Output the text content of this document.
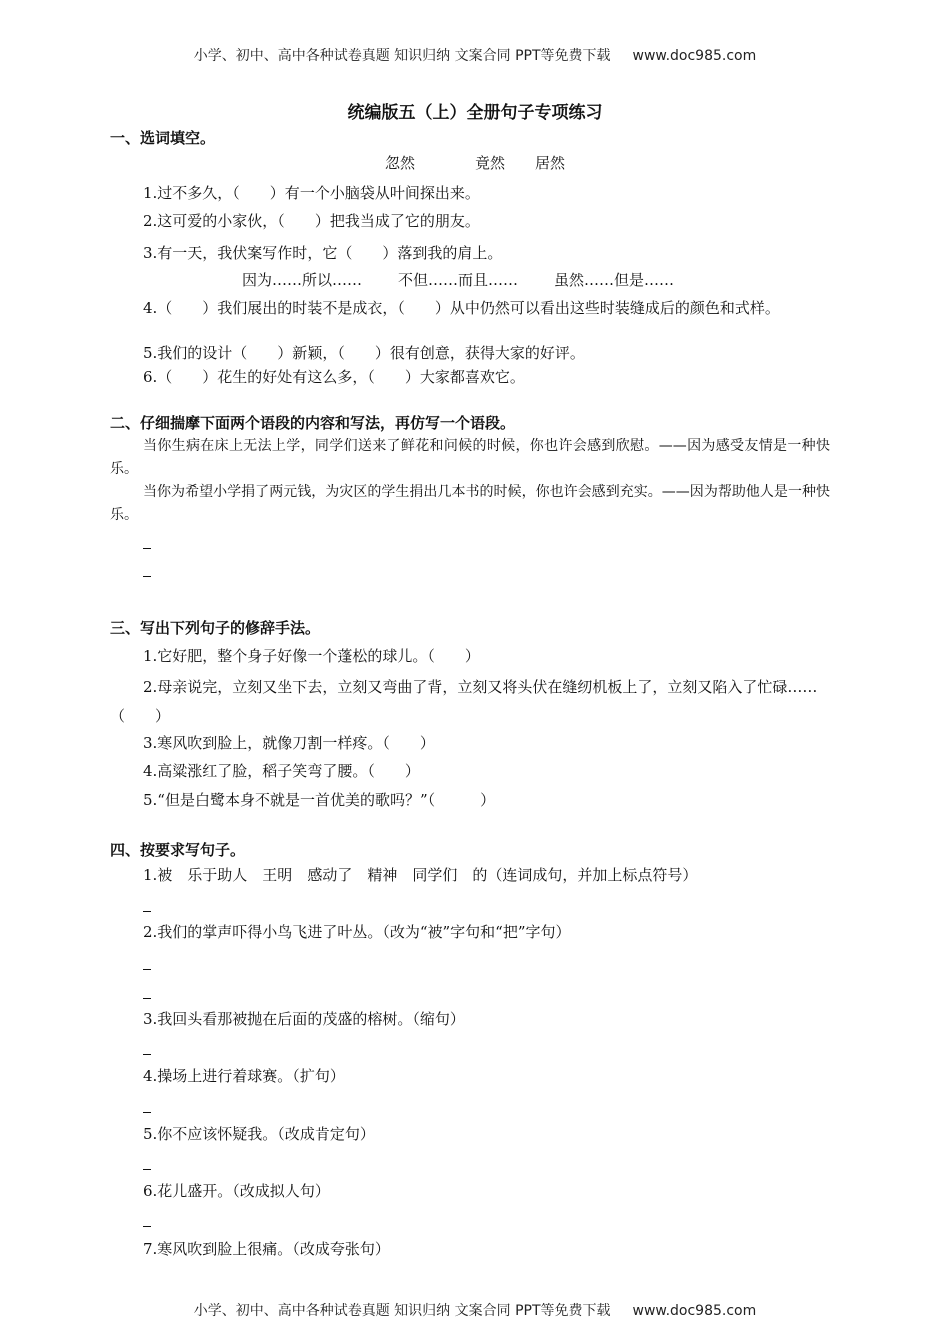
小学、初中、高中各种试卷真题 知识归纳 文案合同 PPT等免费下载 www.doc985.com
统编版五（上）全册句子专项练习
一、选词填空。
忽然	竟然 居然
1.过不多久，（　　）有一个小脑袋从叶间探出来。
2.这可爱的小家伙，（　　）把我当成了它的朋友。
3.有一天，我伏案写作时，它（　　）落到我的肩上。
因为……所以…… 不但……而且…… 虽然……但是……
4.（　　）我们展出的时装不是成衣，（　　）从中仍然可以看出这些时装缝成后的颜色和式样。
5.我们的设计（　　）新颖，（　　）很有创意，获得大家的好评。
6.（　　）花生的好处有这么多，（　　）大家都喜欢它。
二、仔细揣摩下面两个语段的内容和写法，再仿写一个语段。
当你生病在床上无法上学，同学们送来了鲜花和问候的时候，你也许会感到欣慰。——因为感受友情是一种快乐。
当你为希望小学捐了两元钱，为灾区的学生捐出几本书的时候，你也许会感到充实。——因为帮助他人是一种快乐。
三、写出下列句子的修辞手法。
1.它好肥，整个身子好像一个蓬松的球儿。（　　）
2.母亲说完，立刻又坐下去，立刻又弯曲了背，立刻又将头伏在缝纫机板上了，立刻又陷入了忙碌……（　　）
3.寒风吹到脸上，就像刀割一样疼。（　　）
4.高粱涨红了脸，稻子笑弯了腰。（　　）
5.“但是白鹭本身不就是一首优美的歌吗？”（　　　）
四、按要求写句子。
1.被　乐于助人　王明　感动了　精神　同学们　的（连词成句，并加上标点符号）
2.我们的掌声吓得小鸟飞进了叶丛。（改为“被”字句和“把”字句）
3.我回头看那被抛在后面的茂盛的榕树。（缩句）
4.操场上进行着球赛。（扩句）
5.你不应该怀疑我。（改成肯定句）
6.花儿盛开。（改成拟人句）
7.寒风吹到脸上很痛。（改成夸张句）
小学、初中、高中各种试卷真题 知识归纳 文案合同 PPT等免费下载 www.doc985.com
